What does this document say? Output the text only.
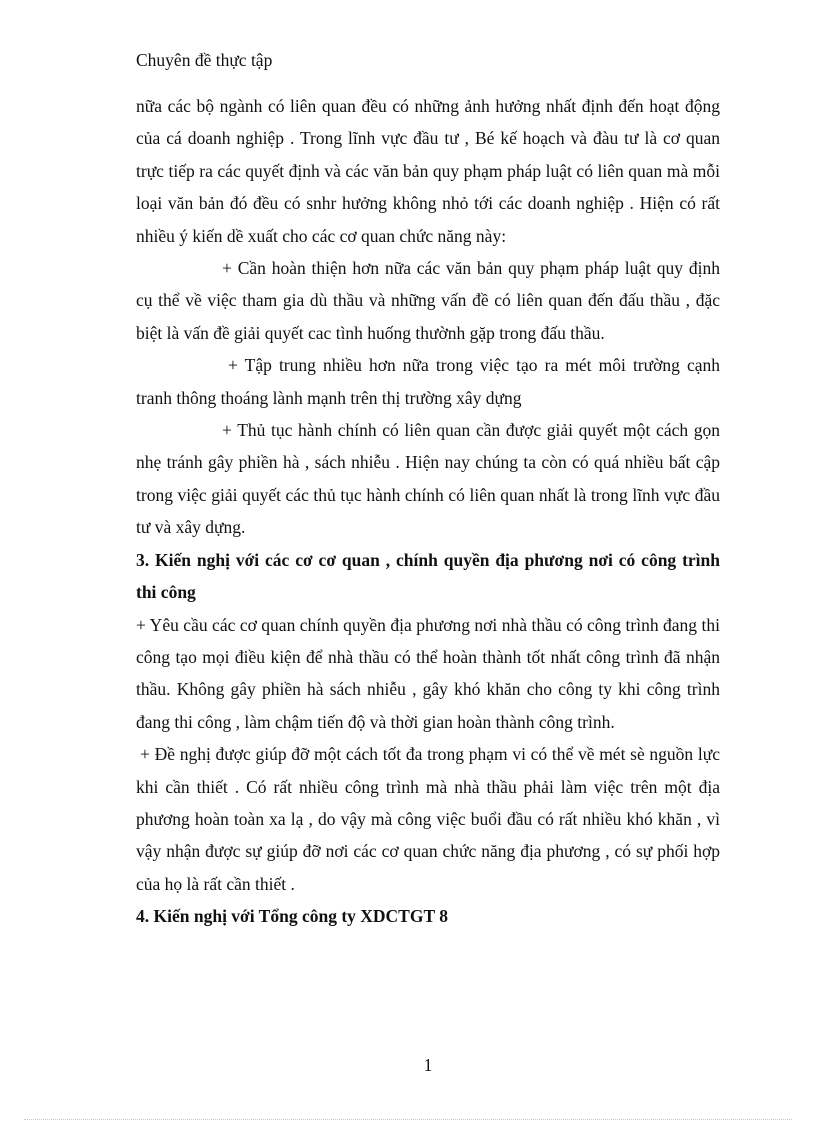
Chuyên đề thực tập

nữa các bộ ngành có liên quan đều có những ảnh hưởng nhất định đến hoạt động của cá doanh nghiệp . Trong lĩnh vực đầu tư , Bé kế hoạch và đàu tư là cơ quan trực tiếp ra các quyết định và các văn bản quy phạm pháp luật có liên quan mà mỗi loại văn bản đó đều có snhr hưởng không nhỏ tới các doanh nghiệp . Hiện có rất nhiều ý kiến dề xuất cho các cơ quan chức năng này:

+ Cần hoàn thiện hơn nữa các văn bản quy phạm pháp luật quy định cụ thể về việc tham gia dù thầu và những vấn đề có liên quan đến đấu thầu , đặc biệt là vấn đề giải quyết cac tình huống thườnh gặp trong đấu thầu.

+ Tập trung nhiều hơn nữa trong việc tạo ra mét môi trường cạnh tranh thông thoáng lành mạnh trên thị trường xây dựng

+ Thủ tục hành chính có liên quan cần được giải quyết một cách gọn nhẹ tránh gây phiền hà , sách nhiễu . Hiện nay chúng ta còn có quá nhiều bất cập trong việc giải quyết các thủ tục hành chính có liên quan nhất là trong lĩnh vực đầu tư và xây dựng.

3. Kiến nghị với các cơ cơ quan , chính quyền địa phương nơi có công trình thi công

+ Yêu cầu các cơ quan chính quyền địa phương nơi nhà thầu có công trình đang thi công tạo mọi điều kiện để nhà thầu có thể hoàn thành tốt nhất công trình đã nhận thầu. Không gây phiền hà sách nhiễu , gây khó khăn cho công ty khi công trình đang thi công , làm chậm tiến độ và thời gian hoàn thành công trình.

+ Đề nghị được giúp đỡ một cách tốt đa trong phạm vi có thể về mét sè nguồn lực khi cần thiết . Có rất nhiều công trình mà nhà thầu phải làm việc trên một địa phương hoàn toàn xa lạ , do vậy mà công việc buổi đầu có rất nhiều khó khăn , vì vậy nhận được sự giúp đỡ nơi các cơ quan chức năng địa phương , có sự phối hợp của họ là rất cần thiết .

4. Kiến nghị với Tổng công ty XDCTGT 8

1
